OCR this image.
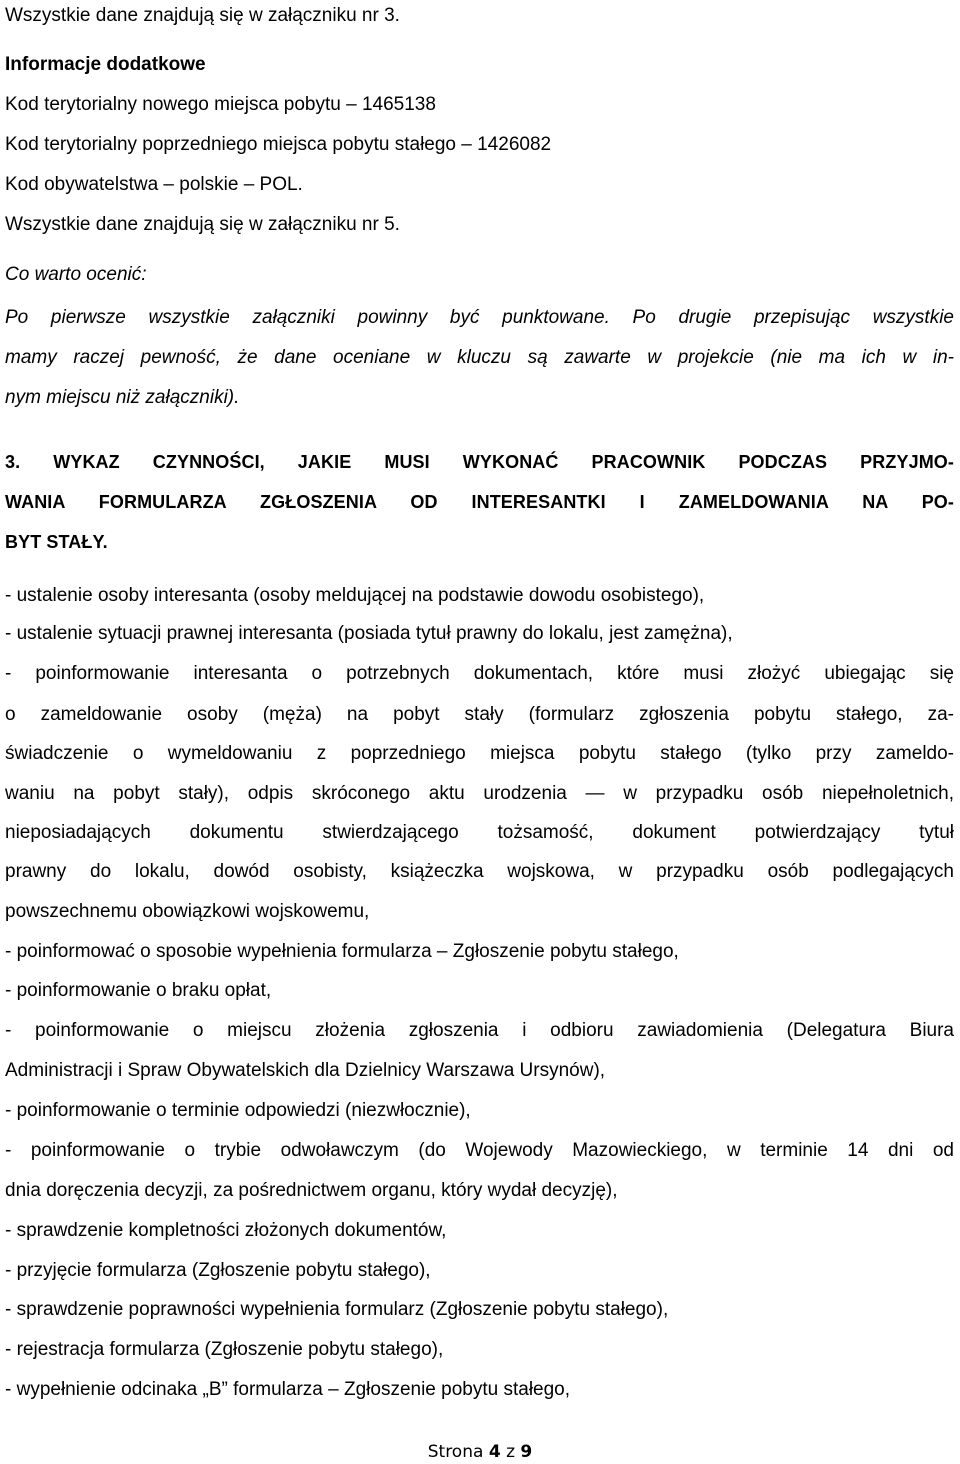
Wszystkie dane znajdują się w załączniku nr 3.
Informacje dodatkowe
Kod terytorialny nowego miejsca pobytu – 1465138
Kod terytorialny poprzedniego miejsca pobytu stałego – 1426082
Kod obywatelstwa – polskie – POL.
Wszystkie dane znajdują się w załączniku nr 5.
Co warto ocenić:
Po pierwsze wszystkie załączniki powinny być punktowane. Po drugie przepisując wszystkie
mamy raczej pewność, że dane oceniane w kluczu są zawarte w projekcie (nie ma ich w in-
nym miejscu niż załączniki).
3. WYKAZ CZYNNOŚCI, JAKIE MUSI WYKONAĆ PRACOWNIK PODCZAS PRZYJMO-
WANIA FORMULARZA ZGŁOSZENIA OD INTERESANTKI I ZAMELDOWANIA NA PO-
BYT STAŁY.
- ustalenie osoby interesanta (osoby meldującej na podstawie dowodu osobistego),
- ustalenie sytuacji prawnej interesanta (posiada tytuł prawny do lokalu, jest zamężna),
- poinformowanie interesanta o potrzebnych dokumentach, które musi złożyć ubiegając się
o zameldowanie osoby (męża) na pobyt stały (formularz zgłoszenia pobytu stałego, za-
świadczenie o wymeldowaniu z poprzedniego miejsca pobytu stałego (tylko przy zameldo-
waniu na pobyt stały), odpis skróconego aktu urodzenia — w przypadku osób niepełnoletnich,
nieposiadających dokumentu stwierdzającego tożsamość, dokument potwierdzający tytuł
prawny do lokalu, dowód osobisty, książeczka wojskowa, w przypadku osób podlegających
powszechnemu obowiązkowi wojskowemu,
- poinformować o sposobie wypełnienia formularza – Zgłoszenie pobytu stałego,
- poinformowanie o braku opłat,
- poinformowanie o miejscu złożenia zgłoszenia i odbioru zawiadomienia (Delegatura Biura
Administracji i Spraw Obywatelskich dla Dzielnicy Warszawa Ursynów),
- poinformowanie o terminie odpowiedzi (niezwłocznie),
- poinformowanie o trybie odwoławczym (do Wojewody Mazowieckiego, w terminie 14 dni od
dnia doręczenia decyzji, za pośrednictwem organu, który wydał decyzję),
- sprawdzenie kompletności złożonych dokumentów,
- przyjęcie formularza (Zgłoszenie pobytu stałego),
- sprawdzenie poprawności wypełnienia formularz (Zgłoszenie pobytu stałego),
- rejestracja formularza (Zgłoszenie pobytu stałego),
- wypełnienie odcinaka „B” formularza – Zgłoszenie pobytu stałego,
Strona 4 z 9
